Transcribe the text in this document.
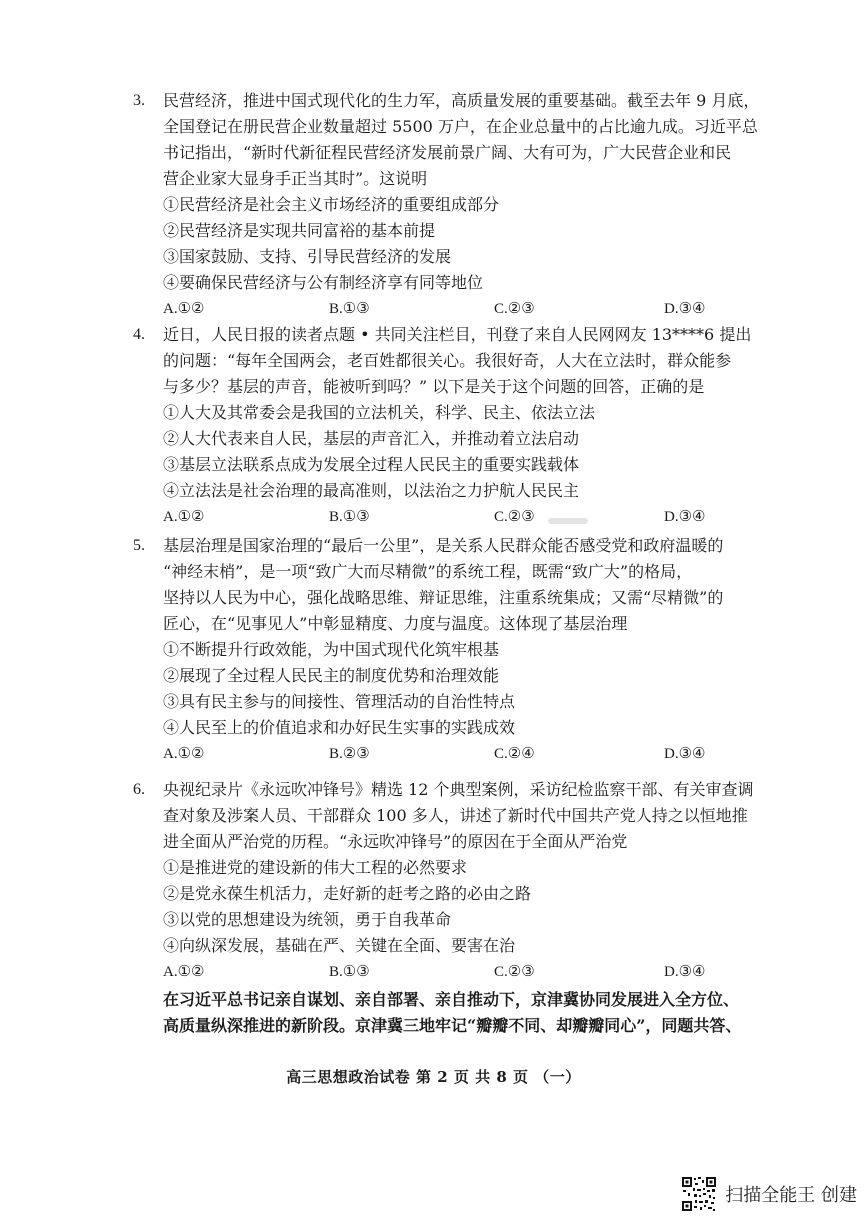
3. 民营经济，推进中国式现代化的生力军，高质量发展的重要基础。截至去年 9 月底，
全国登记在册民营企业数量超过 5500 万户，在企业总量中的占比逾九成。习近平总
书记指出，“新时代新征程民营经济发展前景广阔、大有可为，广大民营企业和民
营企业家大显身手正当其时”。这说明
①民营经济是社会主义市场经济的重要组成部分
②民营经济是实现共同富裕的基本前提
③国家鼓励、支持、引导民营经济的发展
④要确保民营经济与公有制经济享有同等地位
A.①②	B.①③	C.②③	D.③④
4. 近日，人民日报的读者点题 • 共同关注栏目，刊登了来自人民网网友 13****6 提出
的问题：“每年全国两会，老百姓都很关心。我很好奇，人大在立法时，群众能参
与多少？基层的声音，能被听到吗？” 以下是关于这个问题的回答，正确的是
①人大及其常委会是我国的立法机关，科学、民主、依法立法
②人大代表来自人民，基层的声音汇入，并推动着立法启动
③基层立法联系点成为发展全过程人民民主的重要实践载体
④立法法是社会治理的最高准则，以法治之力护航人民民主
A.①②	B.①③	C.②③	D.③④
5. 基层治理是国家治理的“最后一公里”，是关系人民群众能否感受党和政府温暖的
“神经末梢”，是一项“致广大而尽精微”的系统工程，既需“致广大”的格局，
坚持以人民为中心，强化战略思维、辩证思维，注重系统集成；又需“尽精微”的
匠心，在“见事见人”中彰显精度、力度与温度。这体现了基层治理
①不断提升行政效能，为中国式现代化筑牢根基
②展现了全过程人民民主的制度优势和治理效能
③具有民主参与的间接性、管理活动的自治性特点
④人民至上的价值追求和办好民生实事的实践成效
A.①②	B.②③	C.②④	D.③④
6. 央视纪录片《永远吹冲锋号》精选 12 个典型案例，采访纪检监察干部、有关审查调
查对象及涉案人员、干部群众 100 多人，讲述了新时代中国共产党人持之以恒地推
进全面从严治党的历程。“永远吹冲锋号”的原因在于全面从严治党
①是推进党的建设新的伟大工程的必然要求
②是党永葆生机活力，走好新的赶考之路的必由之路
③以党的思想建设为统领，勇于自我革命
④向纵深发展，基础在严、关键在全面、要害在治
A.①②	B.①③	C.②③	D.③④
在习近平总书记亲自谋划、亲自部署、亲自推动下，京津冀协同发展进入全方位、
高质量纵深推进的新阶段。京津冀三地牢记“瓣瓣不同、却瓣瓣同心”，同题共答、
高三思想政治试卷 第 2 页 共 8 页 （一）
扫描全能王 创建
